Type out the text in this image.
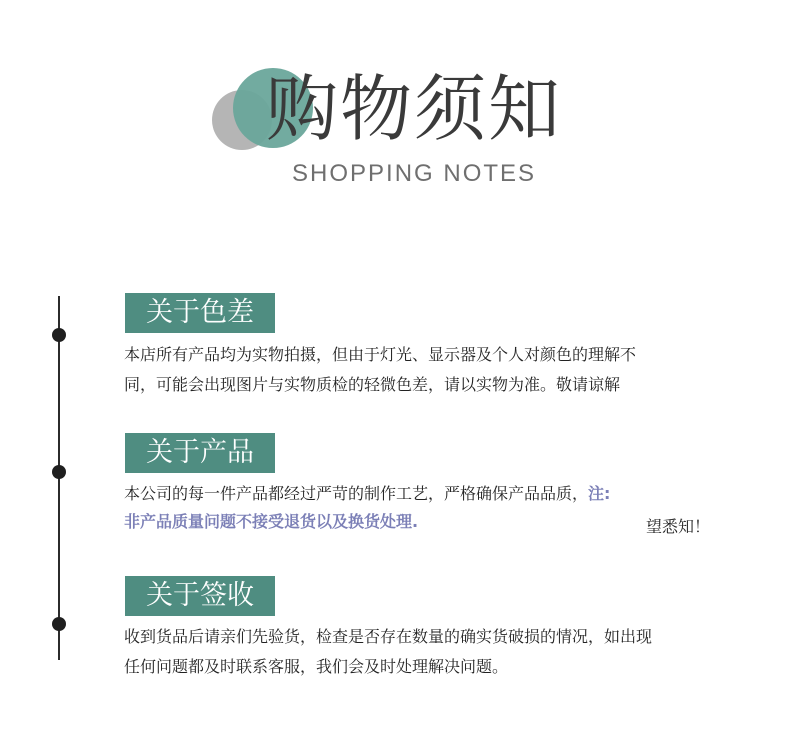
购物须知
SHOPPING NOTES
关于色差
本店所有产品均为实物拍摄，但由于灯光、显示器及个人对颜色的理解不
同，可能会出现图片与实物质检的轻微色差，请以实物为准。敬请谅解
关于产品
本公司的每一件产品都经过严苛的制作工艺，严格确保产品品质，注:
非产品质量问题不接受退货以及换货处理.	望悉知！
关于签收
收到货品后请亲们先验货，检查是否存在数量的确实货破损的情况，如出现
任何问题都及时联系客服，我们会及时处理解决问题。
